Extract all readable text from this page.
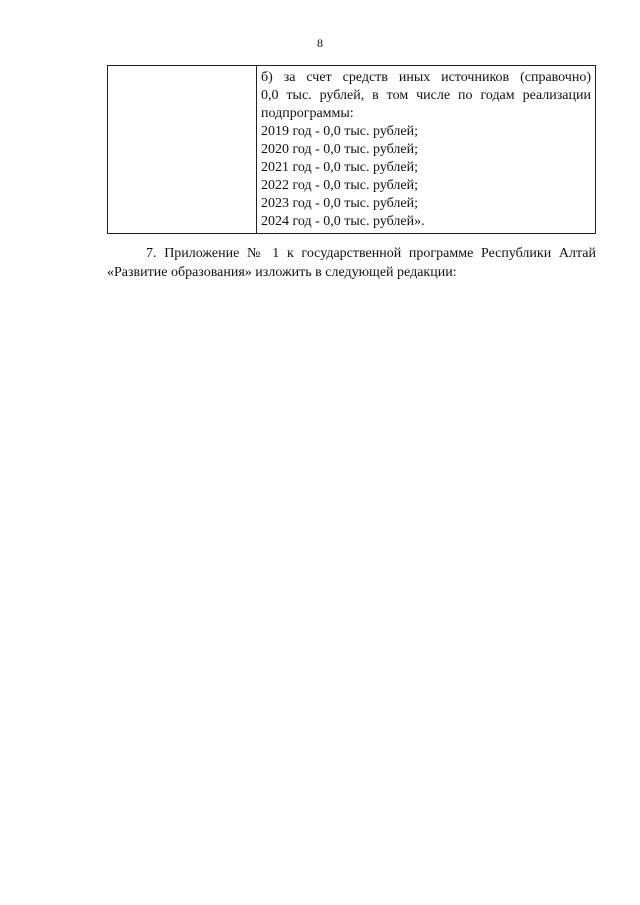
8

б) за счет средств иных источников (справочно)
0,0 тыс. рублей, в том числе по годам реализации
подпрограммы:
2019 год - 0,0 тыс. рублей;
2020 год - 0,0 тыс. рублей;
2021 год - 0,0 тыс. рублей;
2022 год - 0,0 тыс. рублей;
2023 год - 0,0 тыс. рублей;
2024 год - 0,0 тыс. рублей».
7. Приложение № 1 к государственной программе Республики Алтай
«Развитие образования» изложить в следующей редакции:
